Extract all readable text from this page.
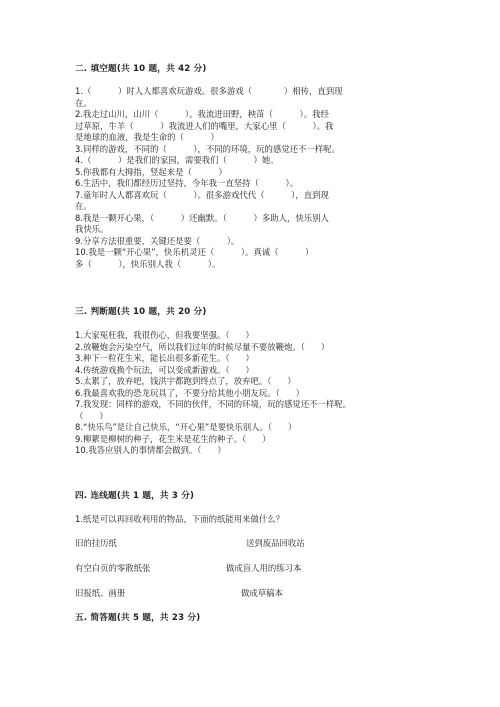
二. 填空题(共 10 题，共 42 分)
1.（          ）时人人都喜欢玩游戏。很多游戏（            ）相传，直到现
在。
2.我走过山川，山川（          ）。我流进田野，秧苗（          ）。我经
过草原，牛羊（          ）我流进人们的嘴里，大家心里（          ）。我
是地球的血液，我是生命的（          ）
3.同样的游戏，不同的（          ），不同的环境，玩的感觉还不一样呢。
4.（          ）是我们的家园，需要我们（          ）她。
5.你我都有大拇指，竖起来是（          ）
6.生活中，我们都经历过坚持，今年我一直坚持（          ）。
7.童年时人人都喜欢玩（          ）。很多游戏代代（          ），直到现
在。
8.我是一颗开心果，（          ）还幽默。（          ）多助人，快乐别人
我快乐。
9.分享方法很重要，关键还是要（          ）。
10.我是一颗“开心果”，快乐机灵还（          ）。真诚（          ）
多（          ），快乐别人我（          ）。
三. 判断题(共 10 题，共 20 分)
1.大家冤枉我，我很伤心，但我要坚强。（      ）
2.放鞭炮会污染空气，所以我们过年的时候尽量不要放鞭炮。（      ）
3.种下一粒花生米，能长出很多新花生。（      ）
4.传统游戏换个玩法，可以变成新游戏。（      ）
5.太累了，放弃吧，钱洪宇都跑到终点了，放弃吧。（      ）
6.我最喜欢我的恐龙玩具了，不要分给其他小朋友玩。（      ）
7.我发现：同样的游戏，不同的伙伴，不同的环境，玩的感觉还不一样呢。
（      ）
8.“快乐鸟”是让自己快乐，“开心果”是要快乐别人。（      ）
9.柳絮是柳树的种子，花生米是花生的种子。（      ）
10.我答应别人的事情都会做到。（      ）
四. 连线题(共 1 题，共 3 分)
1.纸是可以再回收利用的物品，下面的纸能用来做什么？
旧的挂历纸	送到废品回收站
有空白页的零散纸张	做成盲人用的练习本
旧报纸、画册	做成草稿本
五. 简答题(共 5 题，共 23 分)
